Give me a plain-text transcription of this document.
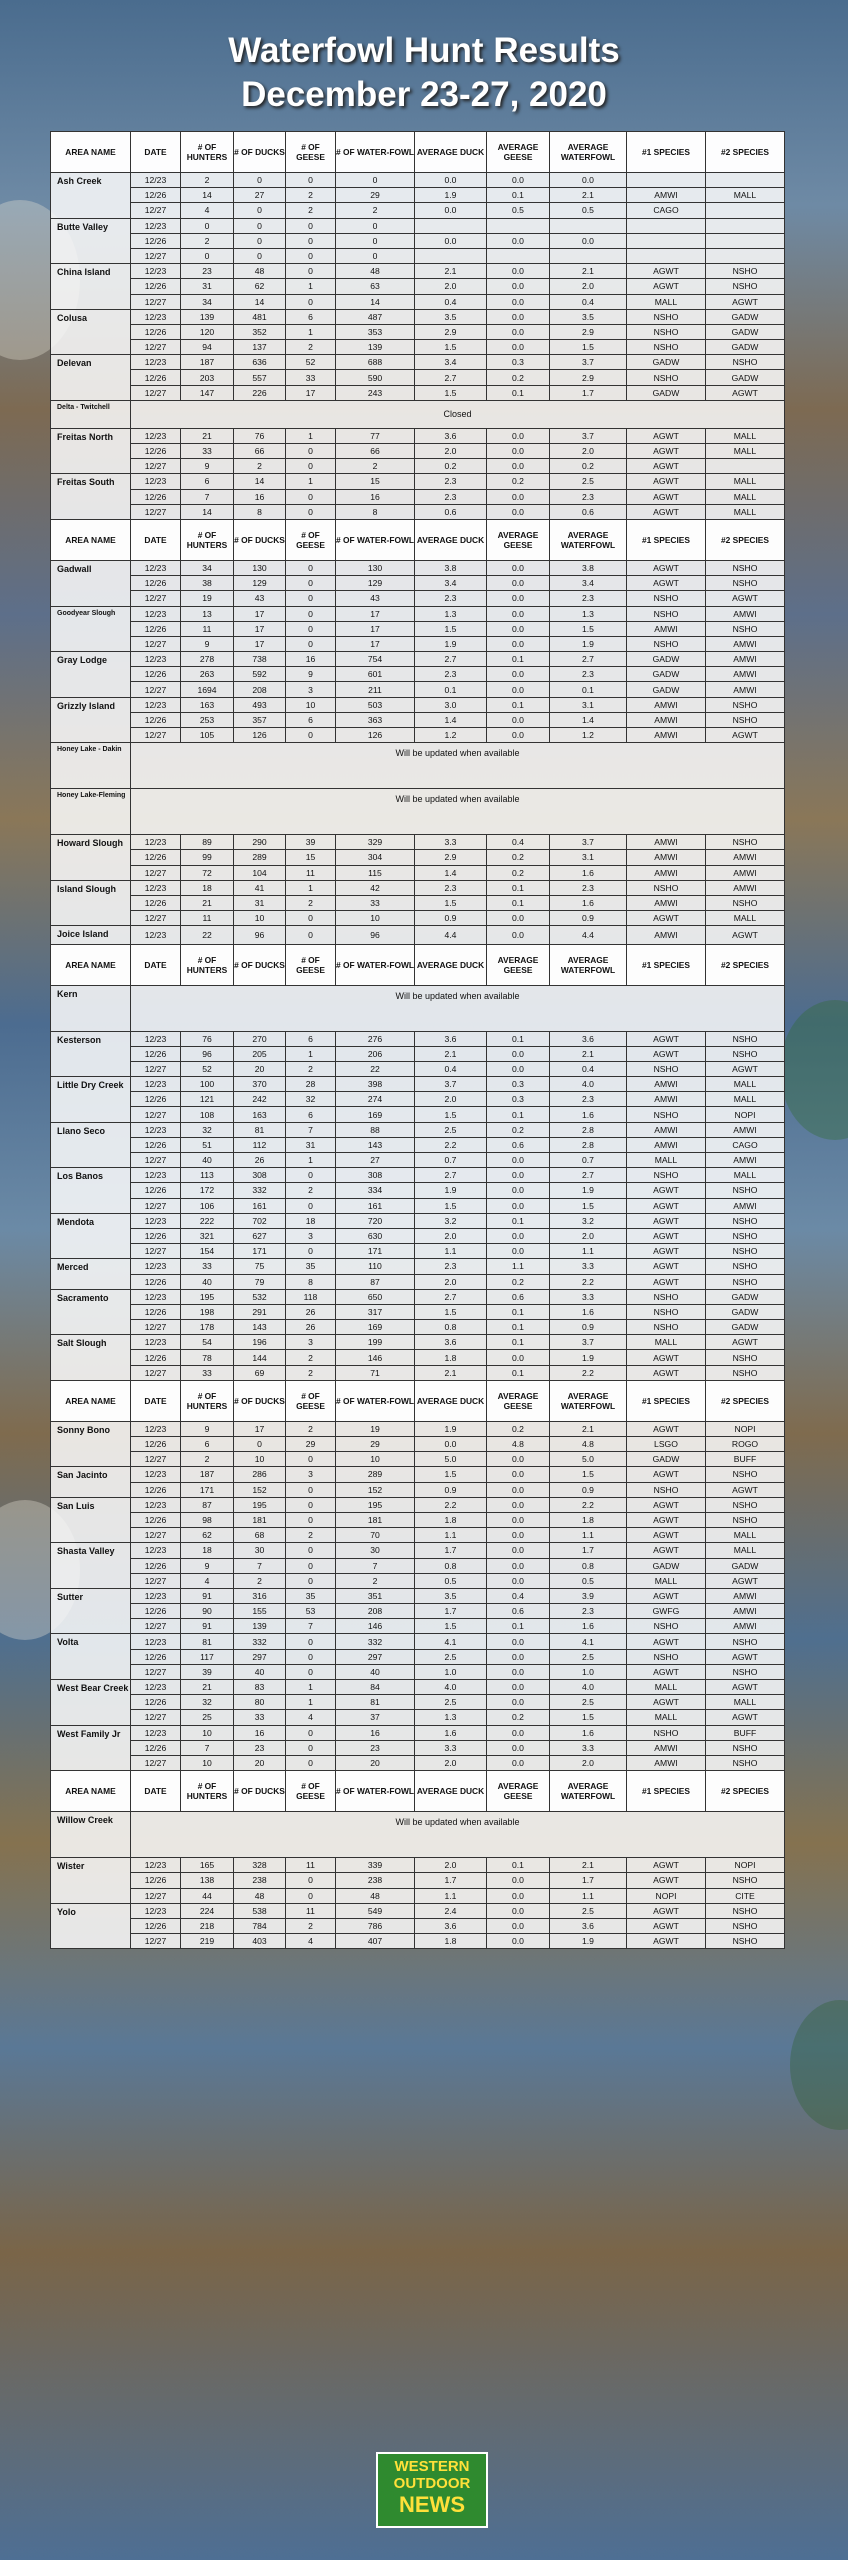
Waterfowl Hunt Results
December 23-27, 2020
AREA NAME	DATE	# OF HUNTERS	# OF DUCKS	# OF GEESE	# OF WATER-FOWL	AVERAGE DUCK	AVERAGE GEESE	AVERAGE WATERFOWL	#1 SPECIES	#2 SPECIES
Ash Creek	12/23	2	0	0	0	0.0	0.0	0.0		
	12/26	14	27	2	29	1.9	0.1	2.1	AMWI	MALL
	12/27	4	0	2	2	0.0	0.5	0.5	CAGO	
Butte Valley	12/23	0	0	0	0					
	12/26	2	0	0	0	0.0	0.0	0.0		
	12/27	0	0	0	0					
China Island	12/23	23	48	0	48	2.1	0.0	2.1	AGWT	NSHO
	12/26	31	62	1	63	2.0	0.0	2.0	AGWT	NSHO
	12/27	34	14	0	14	0.4	0.0	0.4	MALL	AGWT
Colusa	12/23	139	481	6	487	3.5	0.0	3.5	NSHO	GADW
	12/26	120	352	1	353	2.9	0.0	2.9	NSHO	GADW
	12/27	94	137	2	139	1.5	0.0	1.5	NSHO	GADW
Delevan	12/23	187	636	52	688	3.4	0.3	3.7	GADW	NSHO
	12/26	203	557	33	590	2.7	0.2	2.9	NSHO	GADW
	12/27	147	226	17	243	1.5	0.1	1.7	GADW	AGWT
Delta - Twitchell	Closed									
Freitas North	12/23	21	76	1	77	3.6	0.0	3.7	AGWT	MALL
	12/26	33	66	0	66	2.0	0.0	2.0	AGWT	MALL
	12/27	9	2	0	2	0.2	0.0	0.2	AGWT	
Freitas South	12/23	6	14	1	15	2.3	0.2	2.5	AGWT	MALL
	12/26	7	16	0	16	2.3	0.0	2.3	AGWT	MALL
	12/27	14	8	0	8	0.6	0.0	0.6	AGWT	MALL
AREA NAME	DATE	# OF HUNTERS	# OF DUCKS	# OF GEESE	# OF WATER-FOWL	AVERAGE DUCK	AVERAGE GEESE	AVERAGE WATERFOWL	#1 SPECIES	#2 SPECIES
Gadwall	12/23	34	130	0	130	3.8	0.0	3.8	AGWT	NSHO
	12/26	38	129	0	129	3.4	0.0	3.4	AGWT	NSHO
	12/27	19	43	0	43	2.3	0.0	2.3	NSHO	AGWT
Goodyear Slough	12/23	13	17	0	17	1.3	0.0	1.3	NSHO	AMWI
	12/26	11	17	0	17	1.5	0.0	1.5	AMWI	NSHO
	12/27	9	17	0	17	1.9	0.0	1.9	NSHO	AMWI
Gray Lodge	12/23	278	738	16	754	2.7	0.1	2.7	GADW	AMWI
	12/26	263	592	9	601	2.3	0.0	2.3	GADW	AMWI
	12/27	1694	208	3	211	0.1	0.0	0.1	GADW	AMWI
Grizzly Island	12/23	163	493	10	503	3.0	0.1	3.1	AMWI	NSHO
	12/26	253	357	6	363	1.4	0.0	1.4	AMWI	NSHO
	12/27	105	126	0	126	1.2	0.0	1.2	AMWI	AGWT
Honey Lake - Dakin	Will be updated when available									
Honey Lake-Fleming	Will be updated when available									
Howard Slough	12/23	89	290	39	329	3.3	0.4	3.7	AMWI	NSHO
	12/26	99	289	15	304	2.9	0.2	3.1	AMWI	AMWI
	12/27	72	104	11	115	1.4	0.2	1.6	AMWI	AMWI
Island Slough	12/23	18	41	1	42	2.3	0.1	2.3	NSHO	AMWI
	12/26	21	31	2	33	1.5	0.1	1.6	AMWI	NSHO
	12/27	11	10	0	10	0.9	0.0	0.9	AGWT	MALL
Joice Island	12/23	22	96	0	96	4.4	0.0	4.4	AMWI	AGWT
AREA NAME	DATE	# OF HUNTERS	# OF DUCKS	# OF GEESE	# OF WATER-FOWL	AVERAGE DUCK	AVERAGE GEESE	AVERAGE WATERFOWL	#1 SPECIES	#2 SPECIES
Kern	Will be updated when available									
Kesterson	12/23	76	270	6	276	3.6	0.1	3.6	AGWT	NSHO
	12/26	96	205	1	206	2.1	0.0	2.1	AGWT	NSHO
	12/27	52	20	2	22	0.4	0.0	0.4	NSHO	AGWT
Little Dry Creek	12/23	100	370	28	398	3.7	0.3	4.0	AMWI	MALL
	12/26	121	242	32	274	2.0	0.3	2.3	AMWI	MALL
	12/27	108	163	6	169	1.5	0.1	1.6	NSHO	NOPI
Llano Seco	12/23	32	81	7	88	2.5	0.2	2.8	AMWI	AMWI
	12/26	51	112	31	143	2.2	0.6	2.8	AMWI	CAGO
	12/27	40	26	1	27	0.7	0.0	0.7	MALL	AMWI
Los Banos	12/23	113	308	0	308	2.7	0.0	2.7	NSHO	MALL
	12/26	172	332	2	334	1.9	0.0	1.9	AGWT	NSHO
	12/27	106	161	0	161	1.5	0.0	1.5	AGWT	AMWI
Mendota	12/23	222	702	18	720	3.2	0.1	3.2	AGWT	NSHO
	12/26	321	627	3	630	2.0	0.0	2.0	AGWT	NSHO
	12/27	154	171	0	171	1.1	0.0	1.1	AGWT	NSHO
Merced	12/23	33	75	35	110	2.3	1.1	3.3	AGWT	NSHO
	12/26	40	79	8	87	2.0	0.2	2.2	AGWT	NSHO
Sacramento	12/23	195	532	118	650	2.7	0.6	3.3	NSHO	GADW
	12/26	198	291	26	317	1.5	0.1	1.6	NSHO	GADW
	12/27	178	143	26	169	0.8	0.1	0.9	NSHO	GADW
Salt Slough	12/23	54	196	3	199	3.6	0.1	3.7	MALL	AGWT
	12/26	78	144	2	146	1.8	0.0	1.9	AGWT	NSHO
	12/27	33	69	2	71	2.1	0.1	2.2	AGWT	NSHO
AREA NAME	DATE	# OF HUNTERS	# OF DUCKS	# OF GEESE	# OF WATER-FOWL	AVERAGE DUCK	AVERAGE GEESE	AVERAGE WATERFOWL	#1 SPECIES	#2 SPECIES
Sonny Bono	12/23	9	17	2	19	1.9	0.2	2.1	AGWT	NOPI
	12/26	6	0	29	29	0.0	4.8	4.8	LSGO	ROGO
	12/27	2	10	0	10	5.0	0.0	5.0	GADW	BUFF
San Jacinto	12/23	187	286	3	289	1.5	0.0	1.5	AGWT	NSHO
	12/26	171	152	0	152	0.9	0.0	0.9	NSHO	AGWT
San Luis	12/23	87	195	0	195	2.2	0.0	2.2	AGWT	NSHO
	12/26	98	181	0	181	1.8	0.0	1.8	AGWT	NSHO
	12/27	62	68	2	70	1.1	0.0	1.1	AGWT	MALL
Shasta Valley	12/23	18	30	0	30	1.7	0.0	1.7	AGWT	MALL
	12/26	9	7	0	7	0.8	0.0	0.8	GADW	GADW
	12/27	4	2	0	2	0.5	0.0	0.5	MALL	AGWT
Sutter	12/23	91	316	35	351	3.5	0.4	3.9	AGWT	AMWI
	12/26	90	155	53	208	1.7	0.6	2.3	GWFG	AMWI
	12/27	91	139	7	146	1.5	0.1	1.6	NSHO	AMWI
Volta	12/23	81	332	0	332	4.1	0.0	4.1	AGWT	NSHO
	12/26	117	297	0	297	2.5	0.0	2.5	NSHO	AGWT
	12/27	39	40	0	40	1.0	0.0	1.0	AGWT	NSHO
West Bear Creek	12/23	21	83	1	84	4.0	0.0	4.0	MALL	AGWT
	12/26	32	80	1	81	2.5	0.0	2.5	AGWT	MALL
	12/27	25	33	4	37	1.3	0.2	1.5	MALL	AGWT
West Family Jr	12/23	10	16	0	16	1.6	0.0	1.6	NSHO	BUFF
	12/26	7	23	0	23	3.3	0.0	3.3	AMWI	NSHO
	12/27	10	20	0	20	2.0	0.0	2.0	AMWI	NSHO
AREA NAME	DATE	# OF HUNTERS	# OF DUCKS	# OF GEESE	# OF WATER-FOWL	AVERAGE DUCK	AVERAGE GEESE	AVERAGE WATERFOWL	#1 SPECIES	#2 SPECIES
Willow Creek	Will be updated when available									
Wister	12/23	165	328	11	339	2.0	0.1	2.1	AGWT	NOPI
	12/26	138	238	0	238	1.7	0.0	1.7	AGWT	NSHO
	12/27	44	48	0	48	1.1	0.0	1.1	NOPI	CITE
Yolo	12/23	224	538	11	549	2.4	0.0	2.5	AGWT	NSHO
	12/26	218	784	2	786	3.6	0.0	3.6	AGWT	NSHO
	12/27	219	403	4	407	1.8	0.0	1.9	AGWT	NSHO
WESTERN
OUTDOOR
NEWS
